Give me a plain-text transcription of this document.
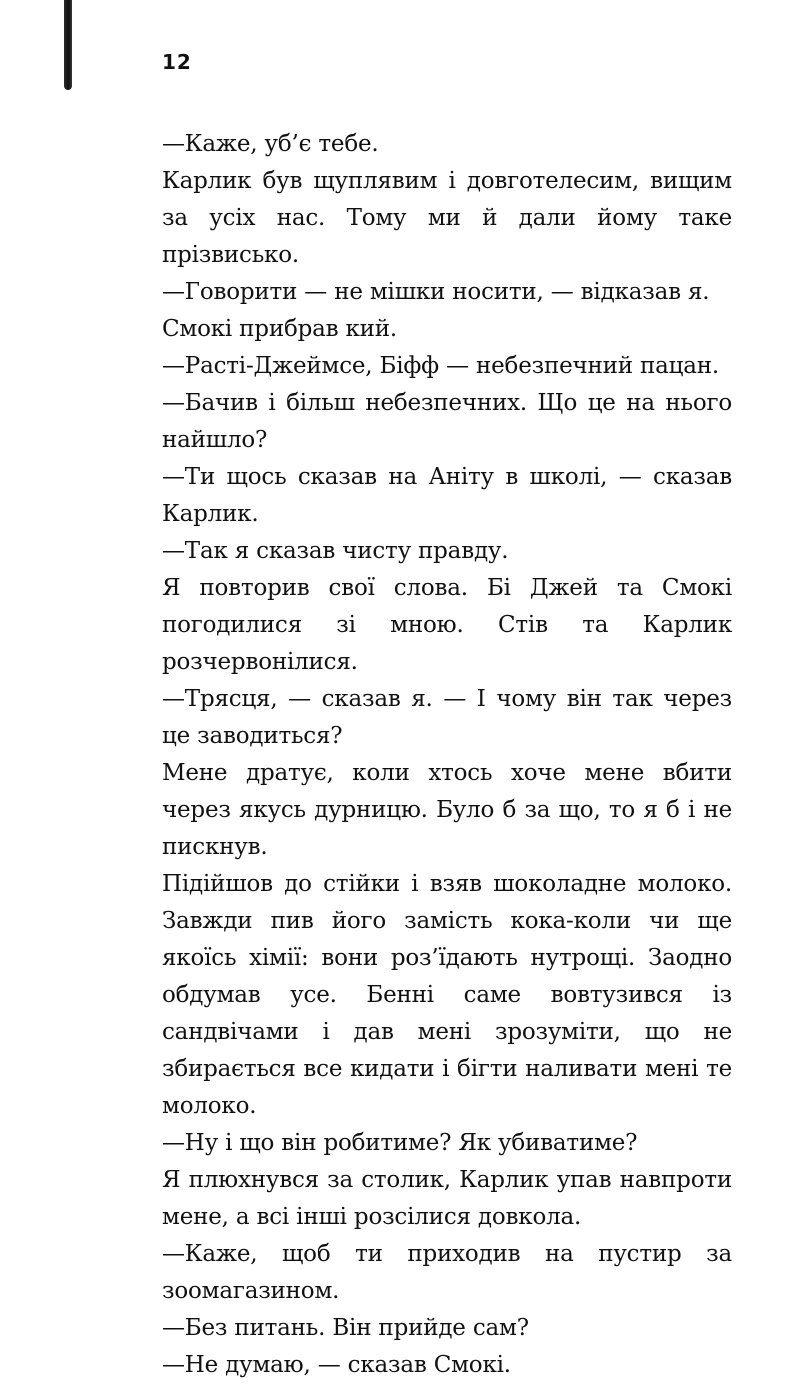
12

—Каже, уб’є тебе.

Карлик був щуплявим і довготелесим, вищим за усіх нас. Тому ми й дали йому таке прізвисько.

—Говорити — не мішки носити, — відказав я.

Смокі прибрав кий.

—Расті-Джеймсе, Бiфф — небезпечний пацан.

—Бачив і більш небезпечних. Що це на нього найшло?

—Ти щось сказав на Аніту в школі, — сказав Карлик.

—Так я сказав чисту правду.

Я повторив свої слова. Бі Джей та Смокі погодилися зі мною. Стів та Карлик розчервонілися.

—Трясця, — сказав я. — І чому він так через це заводиться?

Мене дратує, коли хтось хоче мене вбити через якусь дурницю. Було б за що, то я б і не пискнув.

Підійшов до стійки і взяв шоколадне молоко. Завжди пив його замість кока-коли чи ще якоїсь хімії: вони роз’їдають нутрощі. Заодно обдумав усе. Бенні саме вовтузився із сандвічами і дав мені зрозуміти, що не збирається все кидати і бігти наливати мені те молоко.

—Ну і що він робитиме? Як убиватиме?

Я плюхнувся за столик, Карлик упав навпроти мене, а всі інші розсілися довкола.

—Каже, щоб ти приходив на пустир за зоомагазином.

—Без питань. Він прийде сам?

—Не думаю, — сказав Смокі.
